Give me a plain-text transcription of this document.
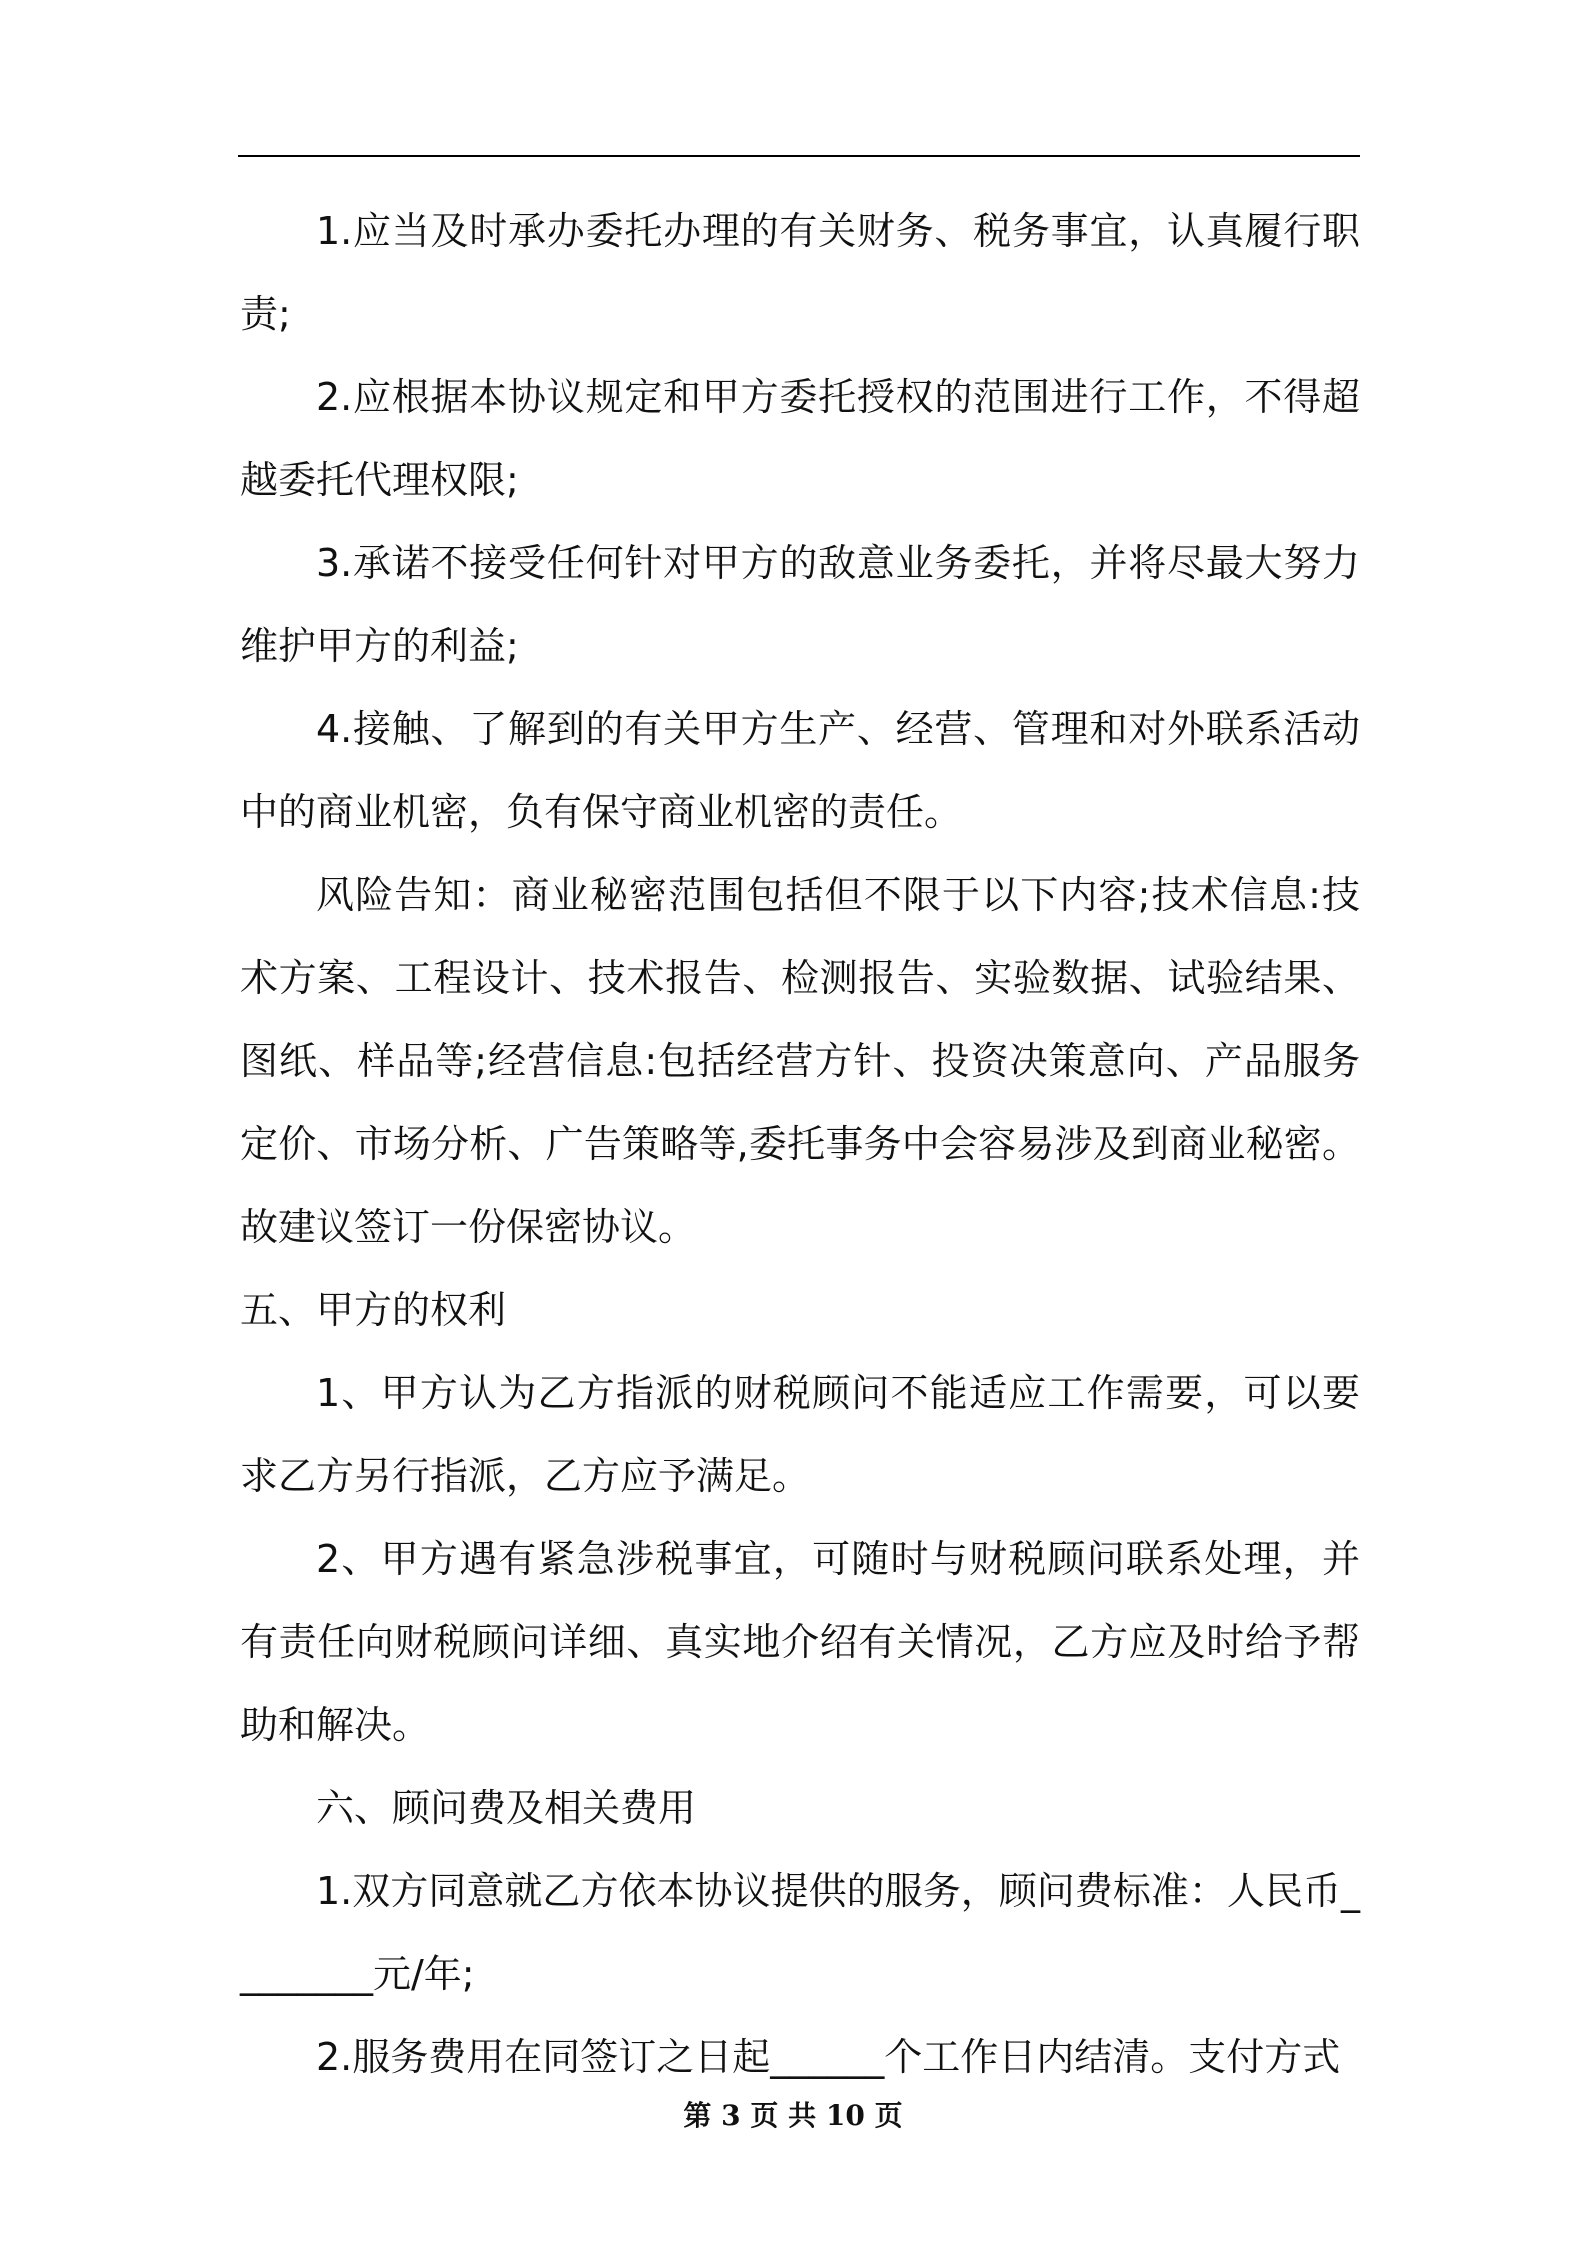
1.应当及时承办委托办理的有关财务、税务事宜，认真履行职责;

2.应根据本协议规定和甲方委托授权的范围进行工作，不得超越委托代理权限;

3.承诺不接受任何针对甲方的敌意业务委托，并将尽最大努力维护甲方的利益;

4.接触、了解到的有关甲方生产、经营、管理和对外联系活动中的商业机密，负有保守商业机密的责任。

风险告知：商业秘密范围包括但不限于以下内容;技术信息:技术方案、工程设计、技术报告、检测报告、实验数据、试验结果、图纸、样品等;经营信息:包括经营方针、投资决策意向、产品服务定价、市场分析、广告策略等,委托事务中会容易涉及到商业秘密。故建议签订一份保密协议。

五、甲方的权利

1、甲方认为乙方指派的财税顾问不能适应工作需要，可以要求乙方另行指派，乙方应予满足。

2、甲方遇有紧急涉税事宜，可随时与财税顾问联系处理，并有责任向财税顾问详细、真实地介绍有关情况，乙方应及时给予帮助和解决。

六、顾问费及相关费用

1.双方同意就乙方依本协议提供的服务，顾问费标准：人民币________元/年;

2.服务费用在同签订之日起______个工作日内结清。支付方式

第 3 页 共 10 页
